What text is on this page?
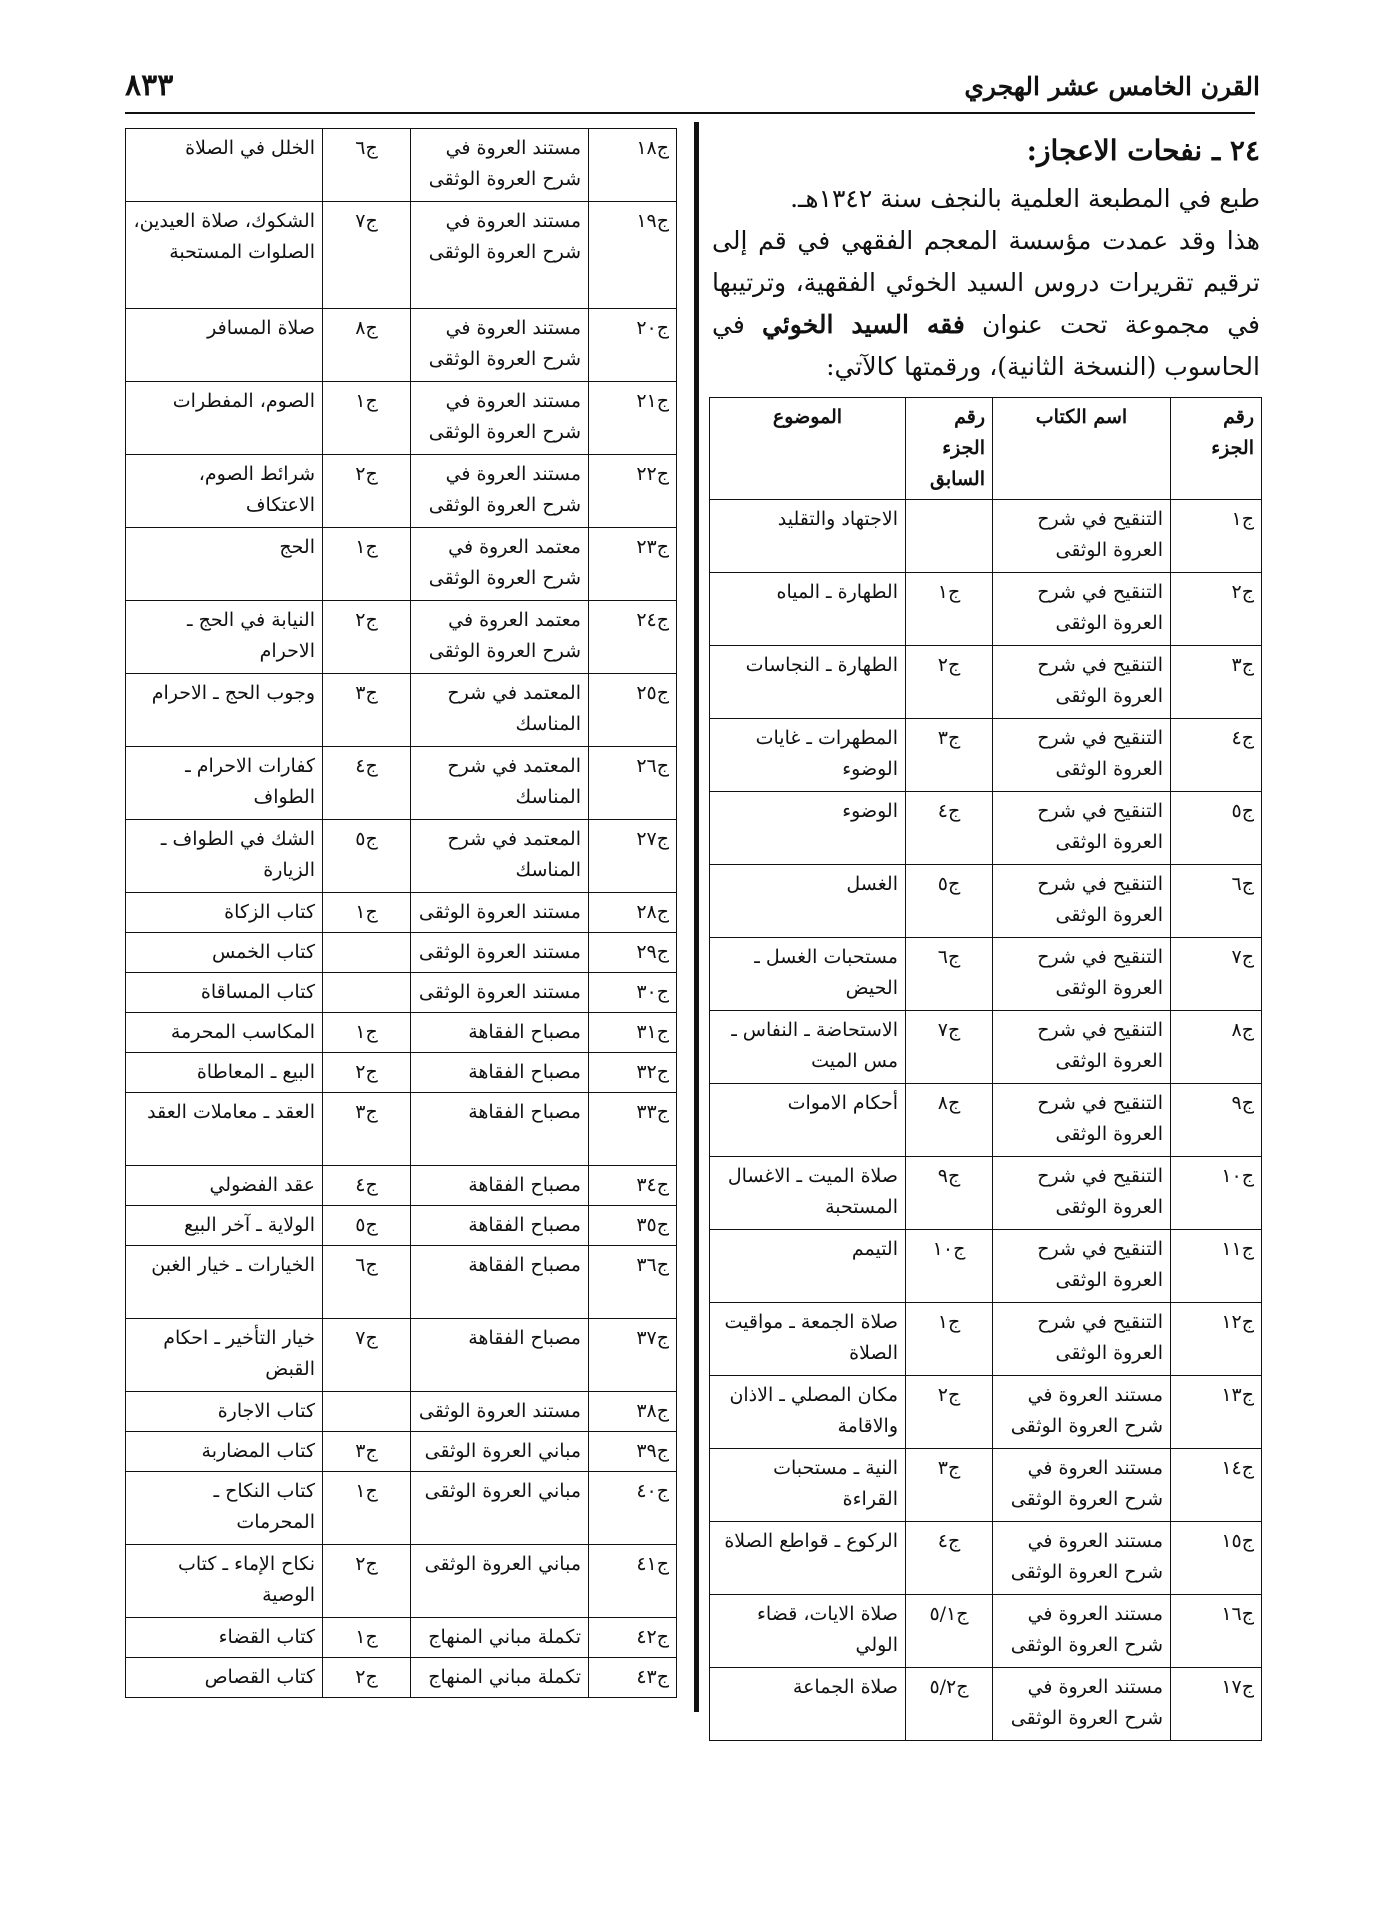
القرن الخامس عشر الهجري
٨٣٣
٢٤ ـ نفحات الاعجاز:

طبع في المطبعة العلمية بالنجف سنة ١٣٤٢هـ.

هذا وقد عمدت مؤسسة المعجم الفقهي في قم إلى ترقيم تقريرات دروس السيد الخوئي الفقهية، وترتيبها في مجموعة تحت عنوان فقه السيد الخوئي في الحاسوب (النسخة الثانية)، ورقمتها كالآتي:

رقم الجزء	اسم الكتاب	رقم الجزء السابق	الموضوع
ج١	التنقيح في شرح العروة الوثقى		الاجتهاد والتقليد
ج٢	التنقيح في شرح العروة الوثقى	ج١	الطهارة ـ المياه
ج٣	التنقيح في شرح العروة الوثقى	ج٢	الطهارة ـ النجاسات
ج٤	التنقيح في شرح العروة الوثقى	ج٣	المطهرات ـ غايات الوضوء
ج٥	التنقيح في شرح العروة الوثقى	ج٤	الوضوء
ج٦	التنقيح في شرح العروة الوثقى	ج٥	الغسل
ج٧	التنقيح في شرح العروة الوثقى	ج٦	مستحبات الغسل ـ الحيض
ج٨	التنقيح في شرح العروة الوثقى	ج٧	الاستحاضة ـ النفاس ـ مس الميت
ج٩	التنقيح في شرح العروة الوثقى	ج٨	أحكام الاموات
ج١٠	التنقيح في شرح العروة الوثقى	ج٩	صلاة الميت ـ الاغسال المستحبة
ج١١	التنقيح في شرح العروة الوثقى	ج١٠	التيمم
ج١٢	التنقيح في شرح العروة الوثقى	ج١	صلاة الجمعة ـ مواقيت الصلاة
ج١٣	مستند العروة في شرح العروة الوثقى	ج٢	مكان المصلي ـ الاذان والاقامة
ج١٤	مستند العروة في شرح العروة الوثقى	ج٣	النية ـ مستحبات القراءة
ج١٥	مستند العروة في شرح العروة الوثقى	ج٤	الركوع ـ قواطع الصلاة
ج١٦	مستند العروة في شرح العروة الوثقى	ج٥/١	صلاة الايات، قضاء الولي
ج١٧	مستند العروة في شرح العروة الوثقى	ج٥/٢	صلاة الجماعة
ج١٨	مستند العروة في شرح العروة الوثقى	ج٦	الخلل في الصلاة
ج١٩	مستند العروة في شرح العروة الوثقى	ج٧	الشكوك، صلاة العيدين، الصلوات المستحبة
ج٢٠	مستند العروة في شرح العروة الوثقى	ج٨	صلاة المسافر
ج٢١	مستند العروة في شرح العروة الوثقى	ج١	الصوم، المفطرات
ج٢٢	مستند العروة في شرح العروة الوثقى	ج٢	شرائط الصوم، الاعتكاف
ج٢٣	معتمد العروة في شرح العروة الوثقى	ج١	الحج
ج٢٤	معتمد العروة في شرح العروة الوثقى	ج٢	النيابة في الحج ـ الاحرام
ج٢٥	المعتمد في شرح المناسك	ج٣	وجوب الحج ـ الاحرام
ج٢٦	المعتمد في شرح المناسك	ج٤	كفارات الاحرام ـ الطواف
ج٢٧	المعتمد في شرح المناسك	ج٥	الشك في الطواف ـ الزيارة
ج٢٨	مستند العروة الوثقى	ج١	كتاب الزكاة
ج٢٩	مستند العروة الوثقى		كتاب الخمس
ج٣٠	مستند العروة الوثقى		كتاب المساقاة
ج٣١	مصباح الفقاهة	ج١	المكاسب المحرمة
ج٣٢	مصباح الفقاهة	ج٢	البيع ـ المعاطاة
ج٣٣	مصباح الفقاهة	ج٣	العقد ـ معاملات العقد
ج٣٤	مصباح الفقاهة	ج٤	عقد الفضولي
ج٣٥	مصباح الفقاهة	ج٥	الولاية ـ آخر البيع
ج٣٦	مصباح الفقاهة	ج٦	الخيارات ـ خيار الغبن
ج٣٧	مصباح الفقاهة	ج٧	خيار التأخير ـ احكام القبض
ج٣٨	مستند العروة الوثقى		كتاب الاجارة
ج٣٩	مباني العروة الوثقى	ج٣	كتاب المضاربة
ج٤٠	مباني العروة الوثقى	ج١	كتاب النكاح ـ المحرمات
ج٤١	مباني العروة الوثقى	ج٢	نكاح الإماء ـ كتاب الوصية
ج٤٢	تكملة مباني المنهاج	ج١	كتاب القضاء
ج٤٣	تكملة مباني المنهاج	ج٢	كتاب القصاص
